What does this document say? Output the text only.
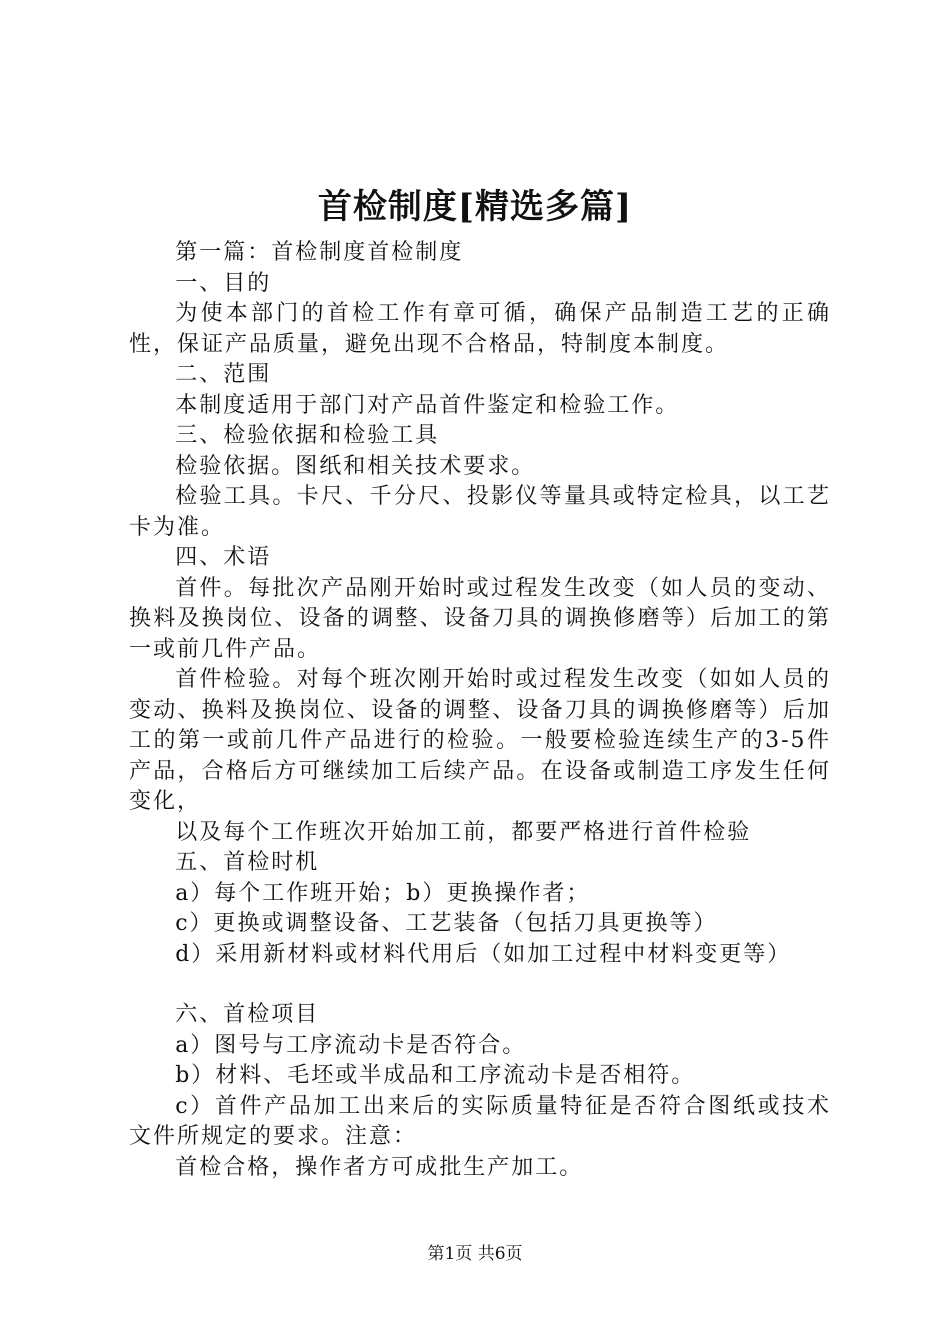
首检制度[精选多篇]

第一篇：首检制度首检制度

一、目的

为使本部门的首检工作有章可循，确保产品制造工艺的正确性，保证产品质量，避免出现不合格品，特制度本制度。

二、范围

本制度适用于部门对产品首件鉴定和检验工作。

三、检验依据和检验工具

检验依据。图纸和相关技术要求。

检验工具。卡尺、千分尺、投影仪等量具或特定检具，以工艺卡为准。

四、术语

首件。每批次产品刚开始时或过程发生改变（如人员的变动、换料及换岗位、设备的调整、设备刀具的调换修磨等）后加工的第一或前几件产品。

首件检验。对每个班次刚开始时或过程发生改变（如如人员的变动、换料及换岗位、设备的调整、设备刀具的调换修磨等）后加工的第一或前几件产品进行的检验。一般要检验连续生产的3-5件产品，合格后方可继续加工后续产品。在设备或制造工序发生任何变化，

以及每个工作班次开始加工前，都要严格进行首件检验

五、首检时机

a）每个工作班开始；b）更换操作者；

c）更换或调整设备、工艺装备（包括刀具更换等）

d）采用新材料或材料代用后（如加工过程中材料变更等）

六、首检项目

a）图号与工序流动卡是否符合。

b）材料、毛坯或半成品和工序流动卡是否相符。

c）首件产品加工出来后的实际质量特征是否符合图纸或技术文件所规定的要求。注意：

首检合格，操作者方可成批生产加工。

第1页 共6页
